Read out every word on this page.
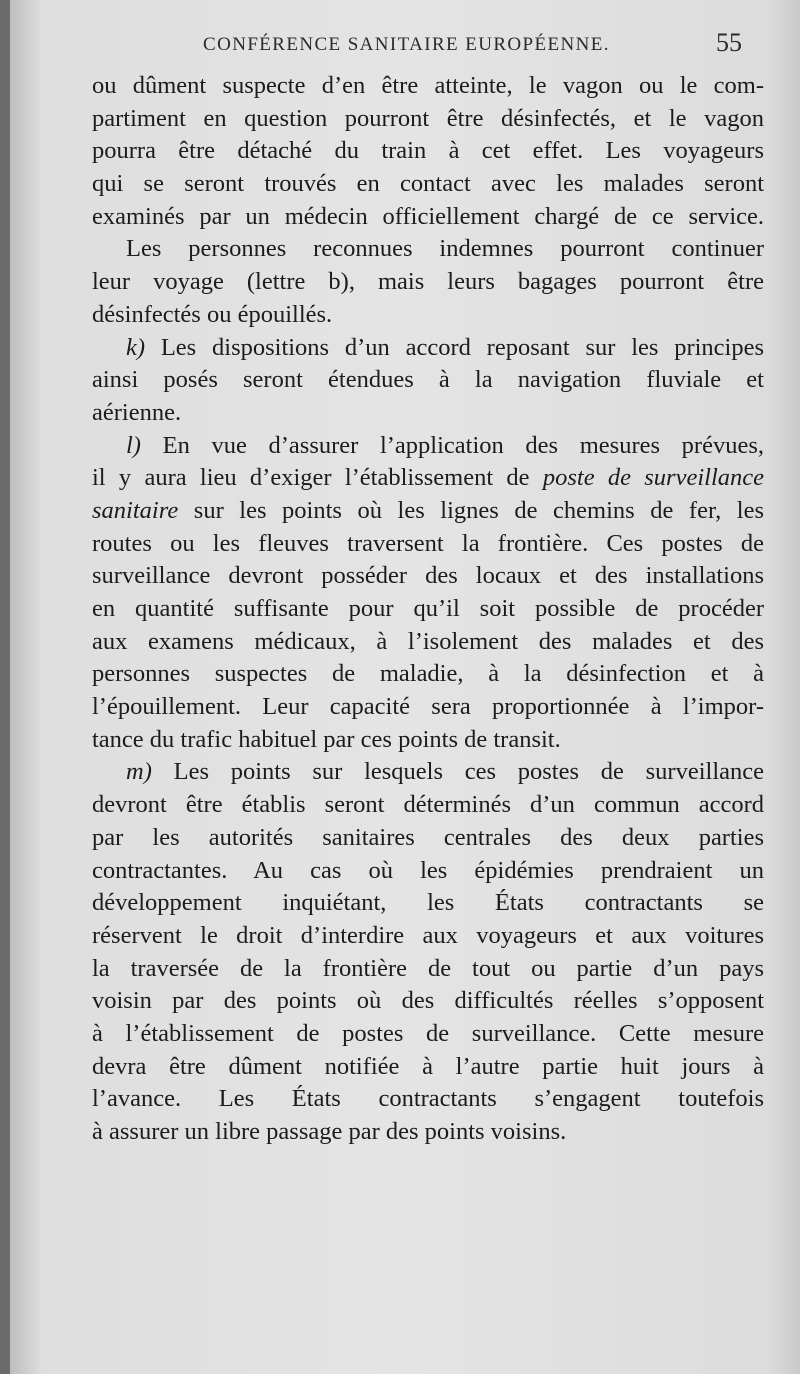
CONFÉRENCE SANITAIRE EUROPÉENNE.	55
ou dûment suspecte d’en être atteinte, le vagon ou le com-
partiment en question pourront être désinfectés, et le vagon
pourra être détaché du train à cet effet. Les voyageurs
qui se seront trouvés en contact avec les malades seront
examinés par un médecin officiellement chargé de ce service.
Les personnes reconnues indemnes pourront continuer
leur voyage (lettre b), mais leurs bagages pourront être
désinfectés ou épouillés.
k) Les dispositions d’un accord reposant sur les principes
ainsi posés seront étendues à la navigation fluviale et
aérienne.
l) En vue d’assurer l’application des mesures prévues,
il y aura lieu d’exiger l’établissement de poste de surveillance
sanitaire sur les points où les lignes de chemins de fer, les
routes ou les fleuves traversent la frontière. Ces postes de
surveillance devront posséder des locaux et des installations
en quantité suffisante pour qu’il soit possible de procéder
aux examens médicaux, à l’isolement des malades et des
personnes suspectes de maladie, à la désinfection et à
l’épouillement. Leur capacité sera proportionnée à l’impor-
tance du trafic habituel par ces points de transit.
m) Les points sur lesquels ces postes de surveillance
devront être établis seront déterminés d’un commun accord
par les autorités sanitaires centrales des deux parties
contractantes. Au cas où les épidémies prendraient un
développement inquiétant, les États contractants se
réservent le droit d’interdire aux voyageurs et aux voitures
la traversée de la frontière de tout ou partie d’un pays
voisin par des points où des difficultés réelles s’opposent
à l’établissement de postes de surveillance. Cette mesure
devra être dûment notifiée à l’autre partie huit jours à
l’avance. Les États contractants s’engagent toutefois
à assurer un libre passage par des points voisins.
